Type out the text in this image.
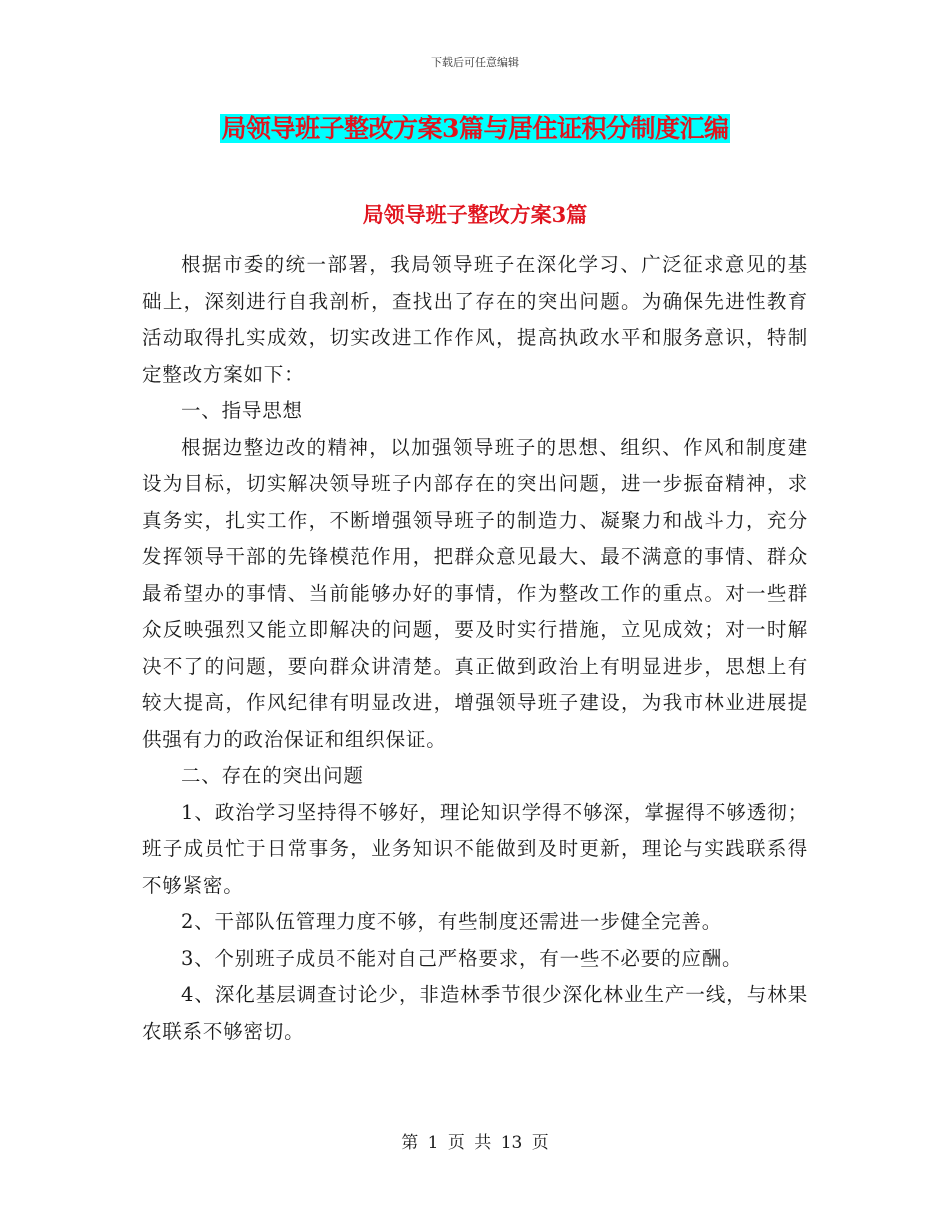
下载后可任意编辑
局领导班子整改方案3篇与居住证积分制度汇编
局领导班子整改方案3篇

根据市委的统一部署，我局领导班子在深化学习、广泛征求意见的基础上，深刻进行自我剖析，查找出了存在的突出问题。为确保先进性教育活动取得扎实成效，切实改进工作作风，提高执政水平和服务意识，特制定整改方案如下：

一、指导思想

根据边整边改的精神，以加强领导班子的思想、组织、作风和制度建设为目标，切实解决领导班子内部存在的突出问题，进一步振奋精神，求真务实，扎实工作，不断增强领导班子的制造力、凝聚力和战斗力，充分发挥领导干部的先锋模范作用，把群众意见最大、最不满意的事情、群众最希望办的事情、当前能够办好的事情，作为整改工作的重点。对一些群众反映强烈又能立即解决的问题，要及时实行措施，立见成效；对一时解决不了的问题，要向群众讲清楚。真正做到政治上有明显进步，思想上有较大提高，作风纪律有明显改进，增强领导班子建设，为我市林业进展提供强有力的政治保证和组织保证。

二、存在的突出问题

1、政治学习坚持得不够好，理论知识学得不够深，掌握得不够透彻；班子成员忙于日常事务，业务知识不能做到及时更新，理论与实践联系得不够紧密。

2、干部队伍管理力度不够，有些制度还需进一步健全完善。

3、个别班子成员不能对自己严格要求，有一些不必要的应酬。

4、深化基层调查讨论少，非造林季节很少深化林业生产一线，与林果农联系不够密切。

第 1 页 共 13 页
